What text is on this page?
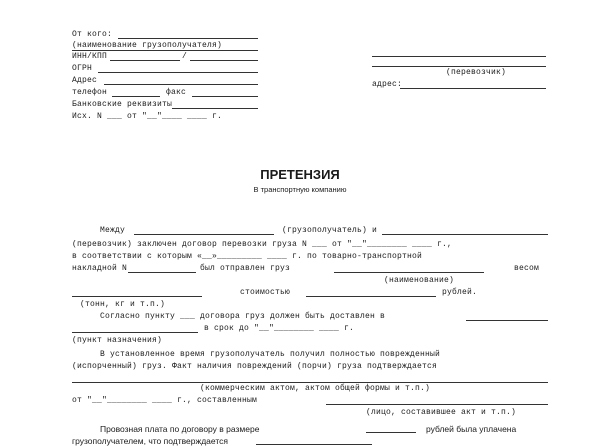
От кого:
(наименование грузополучателя)
ИНН/КПП	/
ОГРН
Адрес
телефон	факс
Банковские реквизиты
Исх. N ___ от "__"____ ____ г.
(перевозчик)
адрес:
ПРЕТЕНЗИЯ
В транспортную компанию
Между	(грузополучатель) и
(перевозчик) заключен договор перевозки груза N ___ от "__"________ ____ г.,
в соответствии с которым «__»_________ ____ г. по товарно-транспортной
накладной N	был отправлен груз	весом
(наименование)
стоимостью	рублей.
(тонн, кг и т.п.)
Согласно пункту ___ договора груз должен быть доставлен в
в срок до "__"________ ____ г.
(пункт назначения)
В установленное время грузополучатель получил полностью поврежденный
(испорченный) груз. Факт наличия повреждений (порчи) груза подтверждается
(коммерческим актом, актом общей формы и т.п.)
от "__"________ ____ г., составленным
(лицо, составившее акт и т.п.)
Провозная плата по договору в размере	рублей была уплачена
грузополучателем, что подтверждается
